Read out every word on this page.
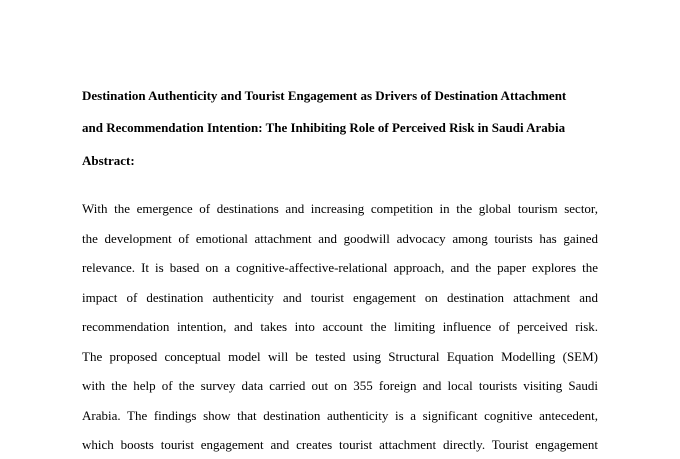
Destination Authenticity and Tourist Engagement as Drivers of Destination Attachment
and Recommendation Intention: The Inhibiting Role of Perceived Risk in Saudi Arabia
Abstract:
With the emergence of destinations and increasing competition in the global tourism sector,
the development of emotional attachment and goodwill advocacy among tourists has gained
relevance. It is based on a cognitive-affective-relational approach, and the paper explores the
impact of destination authenticity and tourist engagement on destination attachment and
recommendation intention, and takes into account the limiting influence of perceived risk.
The proposed conceptual model will be tested using Structural Equation Modelling (SEM)
with the help of the survey data carried out on 355 foreign and local tourists visiting Saudi
Arabia. The findings show that destination authenticity is a significant cognitive antecedent,
which boosts tourist engagement and creates tourist attachment directly. Tourist engagement
